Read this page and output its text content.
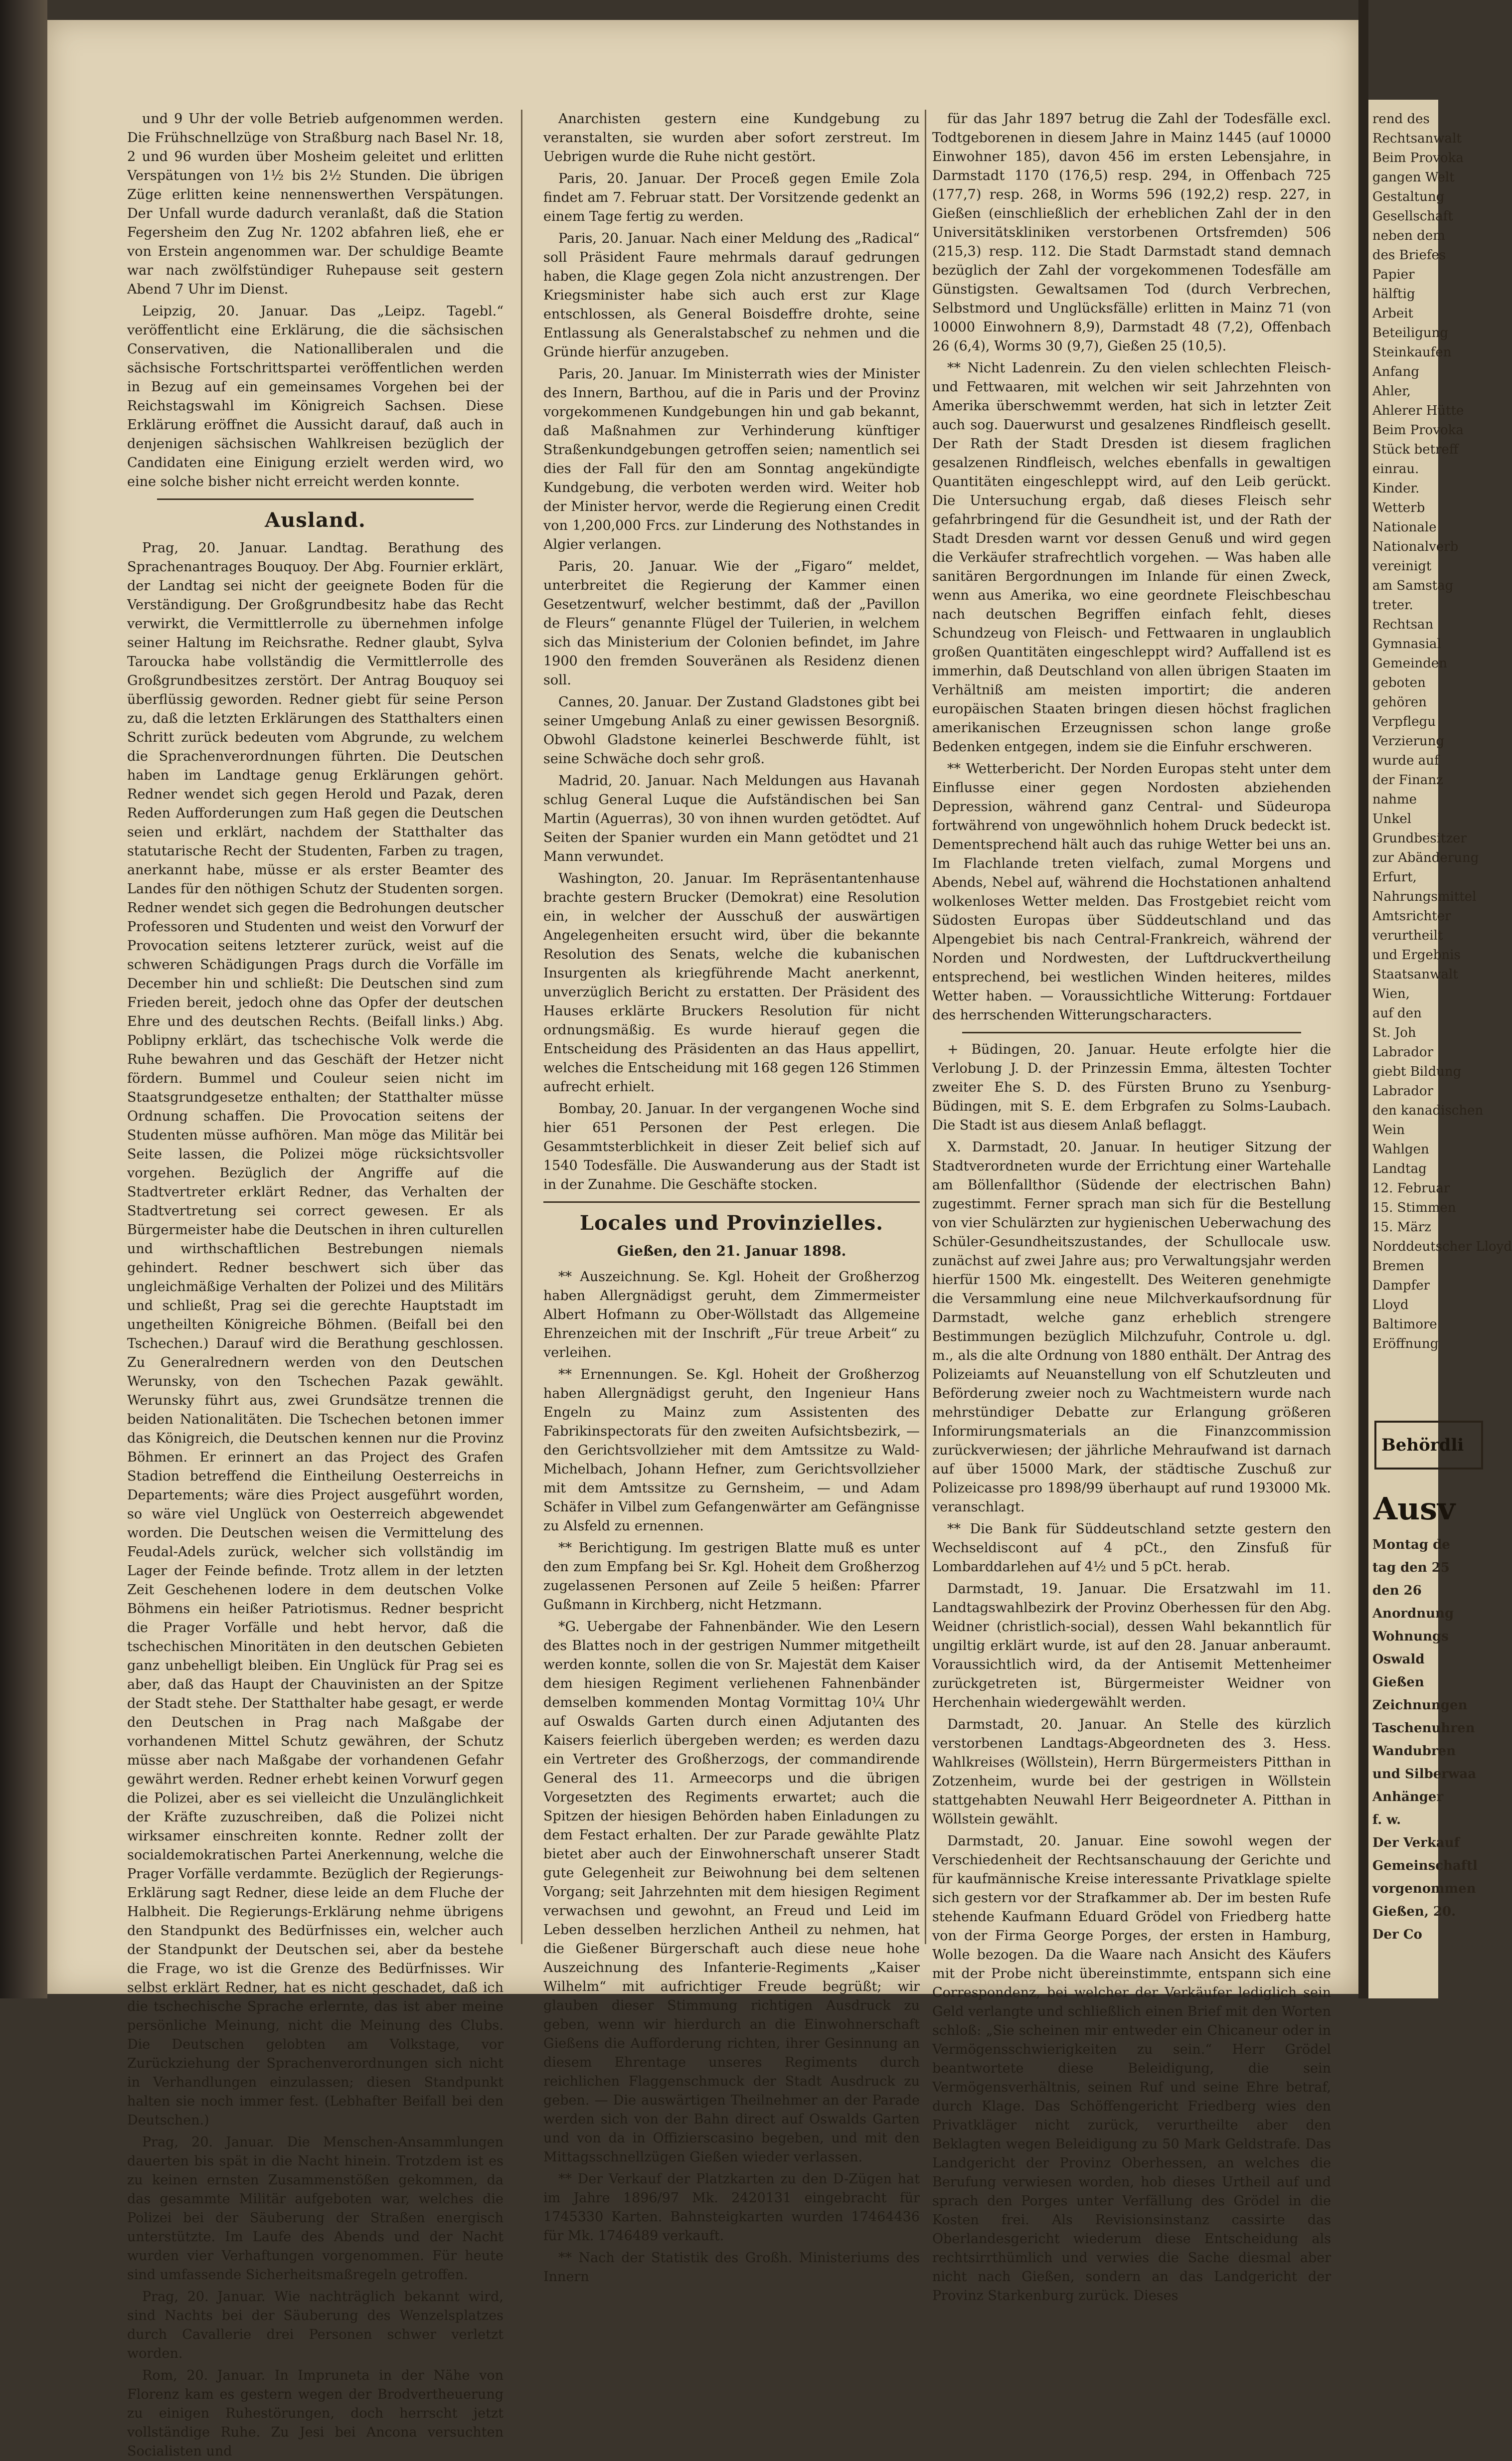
und 9 Uhr der volle Betrieb aufgenommen werden. Die Frühschnellzüge von Straßburg nach Basel Nr. 18, 2 und 96 wurden über Mosheim geleitet und erlitten Verspätungen von 1½ bis 2½ Stunden. Die übrigen Züge erlitten keine nennenswerthen Verspätungen. Der Unfall wurde dadurch veranlaßt, daß die Station Fegersheim den Zug Nr. 1202 abfahren ließ, ehe er von Erstein angenommen war. Der schuldige Beamte war nach zwölfstündiger Ruhepause seit gestern Abend 7 Uhr im Dienst.

Leipzig, 20. Januar. Das „Leipz. Tagebl.“ veröffentlicht eine Erklärung, die die sächsischen Conservativen, die Nationalliberalen und die sächsische Fortschrittspartei veröffentlichen werden in Bezug auf ein gemeinsames Vorgehen bei der Reichstagswahl im Königreich Sachsen. Diese Erklärung eröffnet die Aussicht darauf, daß auch in denjenigen sächsischen Wahlkreisen bezüglich der Candidaten eine Einigung erzielt werden wird, wo eine solche bisher nicht erreicht werden konnte.

Ausland.

Prag, 20. Januar. Landtag. Berathung des Sprachenantrages Bouquoy. Der Abg. Fournier erklärt, der Landtag sei nicht der geeignete Boden für die Verständigung. Der Großgrundbesitz habe das Recht verwirkt, die Vermittlerrolle zu übernehmen infolge seiner Haltung im Reichsrathe. Redner glaubt, Sylva Taroucka habe vollständig die Vermittlerrolle des Großgrundbesitzes zerstört. Der Antrag Bouquoy sei überflüssig geworden. Redner giebt für seine Person zu, daß die letzten Erklärungen des Statthalters einen Schritt zurück bedeuten vom Abgrunde, zu welchem die Sprachenverordnungen führten. Die Deutschen haben im Landtage genug Erklärungen gehört. Redner wendet sich gegen Herold und Pazak, deren Reden Aufforderungen zum Haß gegen die Deutschen seien und erklärt, nachdem der Statthalter das statutarische Recht der Studenten, Farben zu tragen, anerkannt habe, müsse er als erster Beamter des Landes für den nöthigen Schutz der Studenten sorgen. Redner wendet sich gegen die Bedrohungen deutscher Professoren und Studenten und weist den Vorwurf der Provocation seitens letzterer zurück, weist auf die schweren Schädigungen Prags durch die Vorfälle im December hin und schließt: Die Deutschen sind zum Frieden bereit, jedoch ohne das Opfer der deutschen Ehre und des deutschen Rechts. (Beifall links.) Abg. Poblipny erklärt, das tschechische Volk werde die Ruhe bewahren und das Geschäft der Hetzer nicht fördern. Bummel und Couleur seien nicht im Staatsgrundgesetze enthalten; der Statthalter müsse Ordnung schaffen. Die Provocation seitens der Studenten müsse aufhören. Man möge das Militär bei Seite lassen, die Polizei möge rücksichtsvoller vorgehen. Bezüglich der Angriffe auf die Stadtvertreter erklärt Redner, das Verhalten der Stadtvertretung sei correct gewesen. Er als Bürgermeister habe die Deutschen in ihren culturellen und wirthschaftlichen Bestrebungen niemals gehindert. Redner beschwert sich über das ungleichmäßige Verhalten der Polizei und des Militärs und schließt, Prag sei die gerechte Hauptstadt im ungetheilten Königreiche Böhmen. (Beifall bei den Tschechen.) Darauf wird die Berathung geschlossen. Zu Generalrednern werden von den Deutschen Werunsky, von den Tschechen Pazak gewählt. Werunsky führt aus, zwei Grundsätze trennen die beiden Nationalitäten. Die Tschechen betonen immer das Königreich, die Deutschen kennen nur die Provinz Böhmen. Er erinnert an das Project des Grafen Stadion betreffend die Eintheilung Oesterreichs in Departements; wäre dies Project ausgeführt worden, so wäre viel Unglück von Oesterreich abgewendet worden. Die Deutschen weisen die Vermittelung des Feudal-Adels zurück, welcher sich vollständig im Lager der Feinde befinde. Trotz allem in der letzten Zeit Geschehenen lodere in dem deutschen Volke Böhmens ein heißer Patriotismus. Redner bespricht die Prager Vorfälle und hebt hervor, daß die tschechischen Minoritäten in den deutschen Gebieten ganz unbehelligt bleiben. Ein Unglück für Prag sei es aber, daß das Haupt der Chauvinisten an der Spitze der Stadt stehe. Der Statthalter habe gesagt, er werde den Deutschen in Prag nach Maßgabe der vorhandenen Mittel Schutz gewähren, der Schutz müsse aber nach Maßgabe der vorhandenen Gefahr gewährt werden. Redner erhebt keinen Vorwurf gegen die Polizei, aber es sei vielleicht die Unzulänglichkeit der Kräfte zuzuschreiben, daß die Polizei nicht wirksamer einschreiten konnte. Redner zollt der socialdemokratischen Partei Anerkennung, welche die Prager Vorfälle verdammte. Bezüglich der Regierungs-Erklärung sagt Redner, diese leide an dem Fluche der Halbheit. Die Regierungs-Erklärung nehme übrigens den Standpunkt des Bedürfnisses ein, welcher auch der Standpunkt der Deutschen sei, aber da bestehe die Frage, wo ist die Grenze des Bedürfnisses. Wir selbst erklärt Redner, hat es nicht geschadet, daß ich die tschechische Sprache erlernte, das ist aber meine persönliche Meinung, nicht die Meinung des Clubs. Die Deutschen gelobten am Volkstage, vor Zurückziehung der Sprachenverordnungen sich nicht in Verhandlungen einzulassen; diesen Standpunkt halten sie noch immer fest. (Lebhafter Beifall bei den Deutschen.)

Prag, 20. Januar. Die Menschen-Ansammlungen dauerten bis spät in die Nacht hinein. Trotzdem ist es zu keinen ernsten Zusammenstößen gekommen, da das gesammte Militär aufgeboten war, welches die Polizei bei der Säuberung der Straßen energisch unterstützte. Im Laufe des Abends und der Nacht wurden vier Verhaftungen vorgenommen. Für heute sind umfassende Sicherheitsmaßregeln getroffen.

Prag, 20. Januar. Wie nachträglich bekannt wird, sind Nachts bei der Säuberung des Wenzelsplatzes durch Cavallerie drei Personen schwer verletzt worden.

Rom, 20. Januar. In Impruneta in der Nähe von Florenz kam es gestern wegen der Brodvertheuerung zu einigen Ruhestörungen, doch herrscht jetzt vollständige Ruhe. Zu Jesi bei Ancona versuchten Socialisten und

Anarchisten gestern eine Kundgebung zu veranstalten, sie wurden aber sofort zerstreut. Im Uebrigen wurde die Ruhe nicht gestört.

Paris, 20. Januar. Der Proceß gegen Emile Zola findet am 7. Februar statt. Der Vorsitzende gedenkt an einem Tage fertig zu werden.

Paris, 20. Januar. Nach einer Meldung des „Radical“ soll Präsident Faure mehrmals darauf gedrungen haben, die Klage gegen Zola nicht anzustrengen. Der Kriegsminister habe sich auch erst zur Klage entschlossen, als General Boisdeffre drohte, seine Entlassung als Generalstabschef zu nehmen und die Gründe hierfür anzugeben.

Paris, 20. Januar. Im Ministerrath wies der Minister des Innern, Barthou, auf die in Paris und der Provinz vorgekommenen Kundgebungen hin und gab bekannt, daß Maßnahmen zur Verhinderung künftiger Straßenkundgebungen getroffen seien; namentlich sei dies der Fall für den am Sonntag angekündigte Kundgebung, die verboten werden wird. Weiter hob der Minister hervor, werde die Regierung einen Credit von 1,200,000 Frcs. zur Linderung des Nothstandes in Algier verlangen.

Paris, 20. Januar. Wie der „Figaro“ meldet, unterbreitet die Regierung der Kammer einen Gesetzentwurf, welcher bestimmt, daß der „Pavillon de Fleurs“ genannte Flügel der Tuilerien, in welchem sich das Ministerium der Colonien befindet, im Jahre 1900 den fremden Souveränen als Residenz dienen soll.

Cannes, 20. Januar. Der Zustand Gladstones gibt bei seiner Umgebung Anlaß zu einer gewissen Besorgniß. Obwohl Gladstone keinerlei Beschwerde fühlt, ist seine Schwäche doch sehr groß.

Madrid, 20. Januar. Nach Meldungen aus Havanah schlug General Luque die Aufständischen bei San Martin (Aguerras), 30 von ihnen wurden getödtet. Auf Seiten der Spanier wurden ein Mann getödtet und 21 Mann verwundet.

Washington, 20. Januar. Im Repräsentantenhause brachte gestern Brucker (Demokrat) eine Resolution ein, in welcher der Ausschuß der auswärtigen Angelegenheiten ersucht wird, über die bekannte Resolution des Senats, welche die kubanischen Insurgenten als kriegführende Macht anerkennt, unverzüglich Bericht zu erstatten. Der Präsident des Hauses erklärte Bruckers Resolution für nicht ordnungsmäßig. Es wurde hierauf gegen die Entscheidung des Präsidenten an das Haus appellirt, welches die Entscheidung mit 168 gegen 126 Stimmen aufrecht erhielt.

Bombay, 20. Januar. In der vergangenen Woche sind hier 651 Personen der Pest erlegen. Die Gesammtsterblichkeit in dieser Zeit belief sich auf 1540 Todesfälle. Die Auswanderung aus der Stadt ist in der Zunahme. Die Geschäfte stocken.

Locales und Provinzielles.
Gießen, den 21. Januar 1898.

** Auszeichnung. Se. Kgl. Hoheit der Großherzog haben Allergnädigst geruht, dem Zimmermeister Albert Hofmann zu Ober-Wöllstadt das Allgemeine Ehrenzeichen mit der Inschrift „Für treue Arbeit“ zu verleihen.

** Ernennungen. Se. Kgl. Hoheit der Großherzog haben Allergnädigst geruht, den Ingenieur Hans Engeln zu Mainz zum Assistenten des Fabrikinspectorats für den zweiten Aufsichtsbezirk, — den Gerichtsvollzieher mit dem Amtssitze zu Wald-Michelbach, Johann Hefner, zum Gerichtsvollzieher mit dem Amtssitze zu Gernsheim, — und Adam Schäfer in Vilbel zum Gefangenwärter am Gefängnisse zu Alsfeld zu ernennen.

** Berichtigung. Im gestrigen Blatte muß es unter den zum Empfang bei Sr. Kgl. Hoheit dem Großherzog zugelassenen Personen auf Zeile 5 heißen: Pfarrer Gußmann in Kirchberg, nicht Hetzmann.

*G. Uebergabe der Fahnenbänder. Wie den Lesern des Blattes noch in der gestrigen Nummer mitgetheilt werden konnte, sollen die von Sr. Majestät dem Kaiser dem hiesigen Regiment verliehenen Fahnenbänder demselben kommenden Montag Vormittag 10¼ Uhr auf Oswalds Garten durch einen Adjutanten des Kaisers feierlich übergeben werden; es werden dazu ein Vertreter des Großherzogs, der commandirende General des 11. Armeecorps und die übrigen Vorgesetzten des Regiments erwartet; auch die Spitzen der hiesigen Behörden haben Einladungen zu dem Festact erhalten. Der zur Parade gewählte Platz bietet aber auch der Einwohnerschaft unserer Stadt gute Gelegenheit zur Beiwohnung bei dem seltenen Vorgang; seit Jahrzehnten mit dem hiesigen Regiment verwachsen und gewohnt, an Freud und Leid im Leben desselben herzlichen Antheil zu nehmen, hat die Gießener Bürgerschaft auch diese neue hohe Auszeichnung des Infanterie-Regiments „Kaiser Wilhelm“ mit aufrichtiger Freude begrüßt; wir glauben dieser Stimmung richtigen Ausdruck zu geben, wenn wir hierdurch an die Einwohnerschaft Gießens die Aufforderung richten, ihrer Gesinnung an diesem Ehrentage unseres Regiments durch reichlichen Flaggenschmuck der Stadt Ausdruck zu geben. — Die auswärtigen Theilnehmer an der Parade werden sich von der Bahn direct auf Oswalds Garten und von da in Offizierscasino begeben, und mit den Mittagsschnellzügen Gießen wieder verlassen.

** Der Verkauf der Platzkarten zu den D-Zügen hat im Jahre 1896/97 Mk. 2420131 eingebracht für 1745330 Karten. Bahnsteigkarten wurden 17464436 für Mk. 1746489 verkauft.

** Nach der Statistik des Großh. Ministeriums des Innern

für das Jahr 1897 betrug die Zahl der Todesfälle excl. Todtgeborenen in diesem Jahre in Mainz 1445 (auf 10000 Einwohner 185), davon 456 im ersten Lebensjahre, in Darmstadt 1170 (176,5) resp. 294, in Offenbach 725 (177,7) resp. 268, in Worms 596 (192,2) resp. 227, in Gießen (einschließlich der erheblichen Zahl der in den Universitätskliniken verstorbenen Ortsfremden) 506 (215,3) resp. 112. Die Stadt Darmstadt stand demnach bezüglich der Zahl der vorgekommenen Todesfälle am Günstigsten. Gewaltsamen Tod (durch Verbrechen, Selbstmord und Unglücksfälle) erlitten in Mainz 71 (von 10000 Einwohnern 8,9), Darmstadt 48 (7,2), Offenbach 26 (6,4), Worms 30 (9,7), Gießen 25 (10,5).

** Nicht Ladenrein. Zu den vielen schlechten Fleisch- und Fettwaaren, mit welchen wir seit Jahrzehnten von Amerika überschwemmt werden, hat sich in letzter Zeit auch sog. Dauerwurst und gesalzenes Rindfleisch gesellt. Der Rath der Stadt Dresden ist diesem fraglichen gesalzenen Rindfleisch, welches ebenfalls in gewaltigen Quantitäten eingeschleppt wird, auf den Leib gerückt. Die Untersuchung ergab, daß dieses Fleisch sehr gefahrbringend für die Gesundheit ist, und der Rath der Stadt Dresden warnt vor dessen Genuß und wird gegen die Verkäufer strafrechtlich vorgehen. — Was haben alle sanitären Bergordnungen im Inlande für einen Zweck, wenn aus Amerika, wo eine geordnete Fleischbeschau nach deutschen Begriffen einfach fehlt, dieses Schundzeug von Fleisch- und Fettwaaren in unglaublich großen Quantitäten eingeschleppt wird? Auffallend ist es immerhin, daß Deutschland von allen übrigen Staaten im Verhältniß am meisten importirt; die anderen europäischen Staaten bringen diesen höchst fraglichen amerikanischen Erzeugnissen schon lange große Bedenken entgegen, indem sie die Einfuhr erschweren.

** Wetterbericht. Der Norden Europas steht unter dem Einflusse einer gegen Nordosten abziehenden Depression, während ganz Central- und Südeuropa fortwährend von ungewöhnlich hohem Druck bedeckt ist. Dementsprechend hält auch das ruhige Wetter bei uns an. Im Flachlande treten vielfach, zumal Morgens und Abends, Nebel auf, während die Hochstationen anhaltend wolkenloses Wetter melden. Das Frostgebiet reicht vom Südosten Europas über Süddeutschland und das Alpengebiet bis nach Central-Frankreich, während der Norden und Nordwesten, der Luftdruckvertheilung entsprechend, bei westlichen Winden heiteres, mildes Wetter haben. — Voraussichtliche Witterung: Fortdauer des herrschenden Witterungscharacters.

+ Büdingen, 20. Januar. Heute erfolgte hier die Verlobung J. D. der Prinzessin Emma, ältesten Tochter zweiter Ehe S. D. des Fürsten Bruno zu Ysenburg-Büdingen, mit S. E. dem Erbgrafen zu Solms-Laubach. Die Stadt ist aus diesem Anlaß beflaggt.

X. Darmstadt, 20. Januar. In heutiger Sitzung der Stadtverordneten wurde der Errichtung einer Wartehalle am Böllenfallthor (Südende der electrischen Bahn) zugestimmt. Ferner sprach man sich für die Bestellung von vier Schulärzten zur hygienischen Ueberwachung des Schüler-Gesundheitszustandes, der Schullocale usw. zunächst auf zwei Jahre aus; pro Verwaltungsjahr werden hierfür 1500 Mk. eingestellt. Des Weiteren genehmigte die Versammlung eine neue Milchverkaufsordnung für Darmstadt, welche ganz erheblich strengere Bestimmungen bezüglich Milchzufuhr, Controle u. dgl. m., als die alte Ordnung von 1880 enthält. Der Antrag des Polizeiamts auf Neuanstellung von elf Schutzleuten und Beförderung zweier noch zu Wachtmeistern wurde nach mehrstündiger Debatte zur Erlangung größeren Informirungsmaterials an die Finanzcommission zurückverwiesen; der jährliche Mehraufwand ist darnach auf über 15000 Mark, der städtische Zuschuß zur Polizeicasse pro 1898/99 überhaupt auf rund 193000 Mk. veranschlagt.

** Die Bank für Süddeutschland setzte gestern den Wechseldiscont auf 4 pCt., den Zinsfuß für Lombarddarlehen auf 4½ und 5 pCt. herab.

Darmstadt, 19. Januar. Die Ersatzwahl im 11. Landtagswahlbezirk der Provinz Oberhessen für den Abg. Weidner (christlich-social), dessen Wahl bekanntlich für ungiltig erklärt wurde, ist auf den 28. Januar anberaumt. Voraussichtlich wird, da der Antisemit Mettenheimer zurückgetreten ist, Bürgermeister Weidner von Herchenhain wiedergewählt werden.

Darmstadt, 20. Januar. An Stelle des kürzlich verstorbenen Landtags-Abgeordneten des 3. Hess. Wahlkreises (Wöllstein), Herrn Bürgermeisters Pitthan in Zotzenheim, wurde bei der gestrigen in Wöllstein stattgehabten Neuwahl Herr Beigeordneter A. Pitthan in Wöllstein gewählt.

Darmstadt, 20. Januar. Eine sowohl wegen der Verschiedenheit der Rechtsanschauung der Gerichte und für kaufmännische Kreise interessante Privatklage spielte sich gestern vor der Strafkammer ab. Der im besten Rufe stehende Kaufmann Eduard Grödel von Friedberg hatte von der Firma George Porges, der ersten in Hamburg, Wolle bezogen. Da die Waare nach Ansicht des Käufers mit der Probe nicht übereinstimmte, entspann sich eine Correspondenz, bei welcher der Verkäufer lediglich sein Geld verlangte und schließlich einen Brief mit den Worten schloß: „Sie scheinen mir entweder ein Chicaneur oder in Vermögensschwierigkeiten zu sein.“ Herr Grödel beantwortete diese Beleidigung, die sein Vermögensverhältnis, seinen Ruf und seine Ehre betraf, durch Klage. Das Schöffengericht Friedberg wies den Privatkläger nicht zurück, verurtheilte aber den Beklagten wegen Beleidigung zu 50 Mark Geldstrafe. Das Landgericht der Provinz Oberhessen, an welches die Berufung verwiesen worden, hob dieses Urtheil auf und sprach den Porges unter Verfällung des Grödel in die Kosten frei. Als Revisionsinstanz cassirte das Oberlandesgericht wiederum diese Entscheidung als rechtsirrthümlich und verwies die Sache diesmal aber nicht nach Gießen, sondern an das Landgericht der Provinz Starkenburg zurück. Dieses

rend des
Rechtsanwalt
Beim Provoka
gangen Welt
Gestaltung
Gesellschaft
neben dem
des Briefes
Papier
hälftig
Arbeit
Beteiligung
Steinkaufen
Anfang
Ahler,
Ahlerer Hütte
Beim Provoka
Stück betreff
einrau.
Kinder.
Wetterb
Nationale
Nationalverb
vereinigt
am Samstag
treter.
Rechtsan
Gymnasial
Gemeinden
geboten
gehören
Verpflegu
Verzierung
wurde auf
der Finanz
nahme
Unkel
Grundbesitzer
zur Abänderung
Erfurt,
Nahrungsmittel
Amtsrichter
verurtheilt
und Ergebnis
Staatsanwalt
Wien,
auf den
St. Joh
Labrador
giebt Bildung
Labrador
den kanadischen
Wein
Wahlgen
Landtag
12. Februar
15. Stimmen
15. März
Norddeutscher Lloyd
Bremen
Dampfer
Lloyd
Baltimore
Eröffnung
Behördli
Ausv
Montag de
tag den 25
den 26
Anordnung
Wohnungs
Oswald
Gießen
Zeichnungen
Taschenuhren
Wandubren
und Silberwaa
Anhänger
f. w.
Der Verkauf
Gemeinschaftl
vorgenommen
Gießen, 20.
Der Co
